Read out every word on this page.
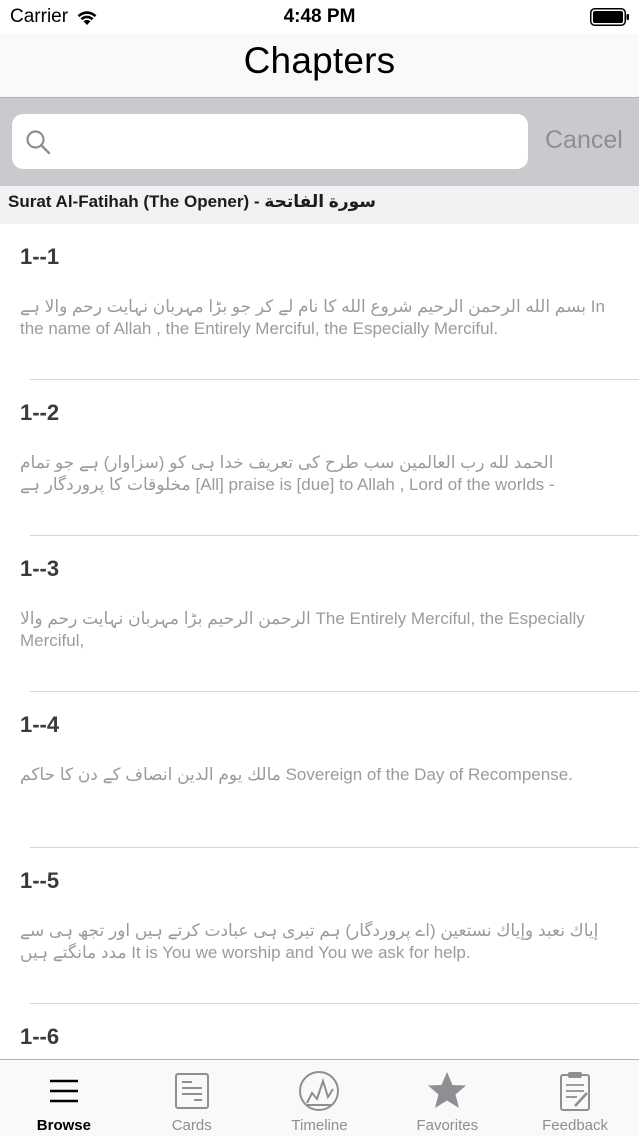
Carrier	4:48 PM
Chapters
Cancel
Surat Al-Fatihah (The Opener) - سورة الفاتحة
1--1
بسم الله الرحمن الرحيم شروع الله کا نام لے کر جو بڑا مہربان نہایت رحم والا ہے In the name of Allah , the Entirely Merciful, the Especially Merciful.
1--2
الحمد لله رب العالمين سب طرح کی تعریف خدا ہی کو (سزاوار) ہے جو تمام مخلوقات کا پروردگار ہے [All] praise is [due] to Allah , Lord of the worlds -
1--3
الرحمن الرحيم بڑا مہربان نہایت رحم والا The Entirely Merciful, the Especially Merciful,
1--4
مالك يوم الدين انصاف کے دن کا حاکم Sovereign of the Day of Recompense.
1--5
إياك نعبد وإياك نستعين (اے پروردگار) ہم تیری ہی عبادت کرتے ہیں اور تجھ ہی سے مدد مانگتے ہیں It is You we worship and You we ask for help.
1--6
Browse	Cards	Timeline	Favorites	Feedback
